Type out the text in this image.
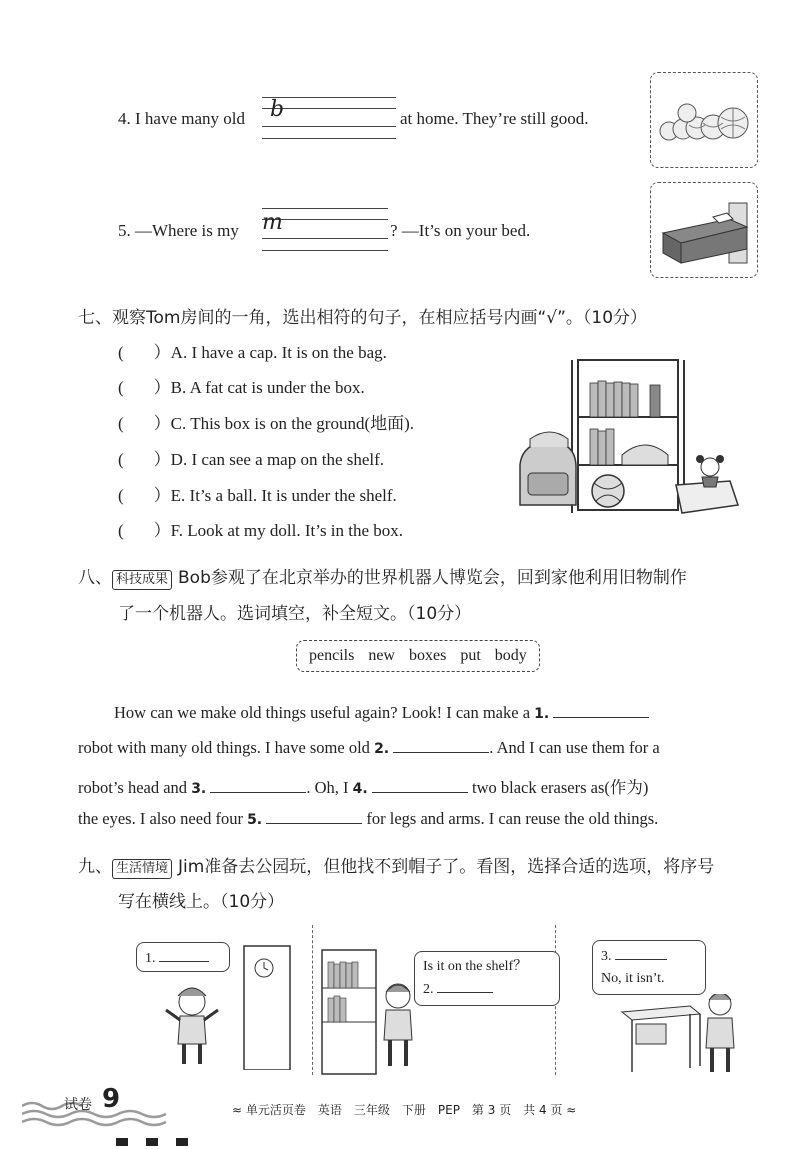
b
4. I have many old	at home. They’re still good.
m
5. —Where is my	? —It’s on your bed.
七、观察Tom房间的一角，选出相符的句子，在相应括号内画“√”。（10分）
( ）A. I have a cap. It is on the bag.
( ）B. A fat cat is under the box.
( ）C. This box is on the ground(地面).
( ）D. I can see a map on the shelf.
( ）E. It’s a ball. It is under the shelf.
( ）F. Look at my doll. It’s in the box.
八、 科技成果 Bob参观了在北京举办的世界机器人博览会，回到家他利用旧物制作
了一个机器人。选词填空，补全短文。（10分）
pencils new boxes put body
How can we make old things useful again? Look! I can make a 1.
robot with many old things. I have some old 2.	. And I can use them for a
robot’s head and 3.	. Oh, I 4.	two black erasers as(作为)
the eyes. I also need four 5.	for legs and arms. I can reuse the old things.
九、 生活情境 Jim准备去公园玩，但他找不到帽子了。看图，选择合适的选项，将序号
写在横线上。（10分）
1.
Is it on the shelf？
2.
3.
No, it isn’t.
试卷 9	≈ 单元活页卷　英语　三年级　下册　PEP　第 3 页　共 4 页 ≈
